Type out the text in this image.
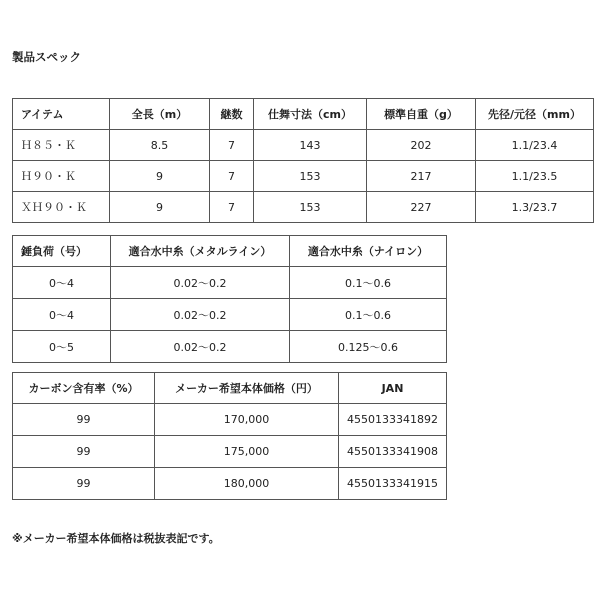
製品スペック
アイテム	全長（m）	継数	仕舞寸法（cm）	標準自重（g）	先径/元径（mm）
Ｈ８５・Ｋ	8.5	7	143	202	1.1/23.4
Ｈ９０・Ｋ	9	7	153	217	1.1/23.5
ＸＨ９０・Ｋ	9	7	153	227	1.3/23.7
錘負荷（号）	適合水中糸（メタルライン）	適合水中糸（ナイロン）
0〜4	0.02〜0.2	0.1〜0.6
0〜4	0.02〜0.2	0.1〜0.6
0〜5	0.02〜0.2	0.125〜0.6
カーボン含有率（%）	メーカー希望本体価格（円）	JAN
99	170,000	4550133341892
99	175,000	4550133341908
99	180,000	4550133341915
※メーカー希望本体価格は税抜表記です。
